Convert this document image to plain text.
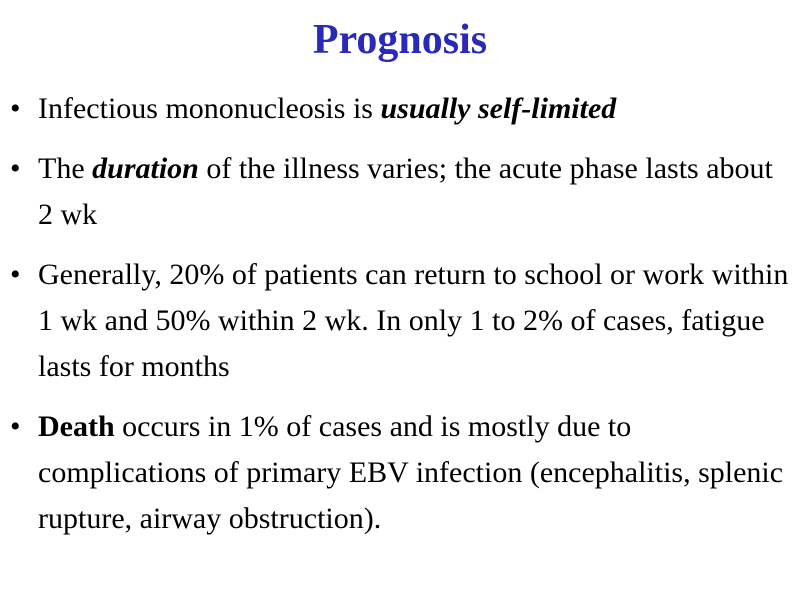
Prognosis
• Infectious mononucleosis is usually self-limited
• The duration of the illness varies; the acute phase lasts about 2 wk
• Generally, 20% of patients can return to school or work within 1 wk and 50% within 2 wk. In only 1 to 2% of cases, fatigue lasts for months
• Death occurs in 1% of cases and is mostly due to complications of primary EBV infection (encephalitis, splenic rupture, airway obstruction).
